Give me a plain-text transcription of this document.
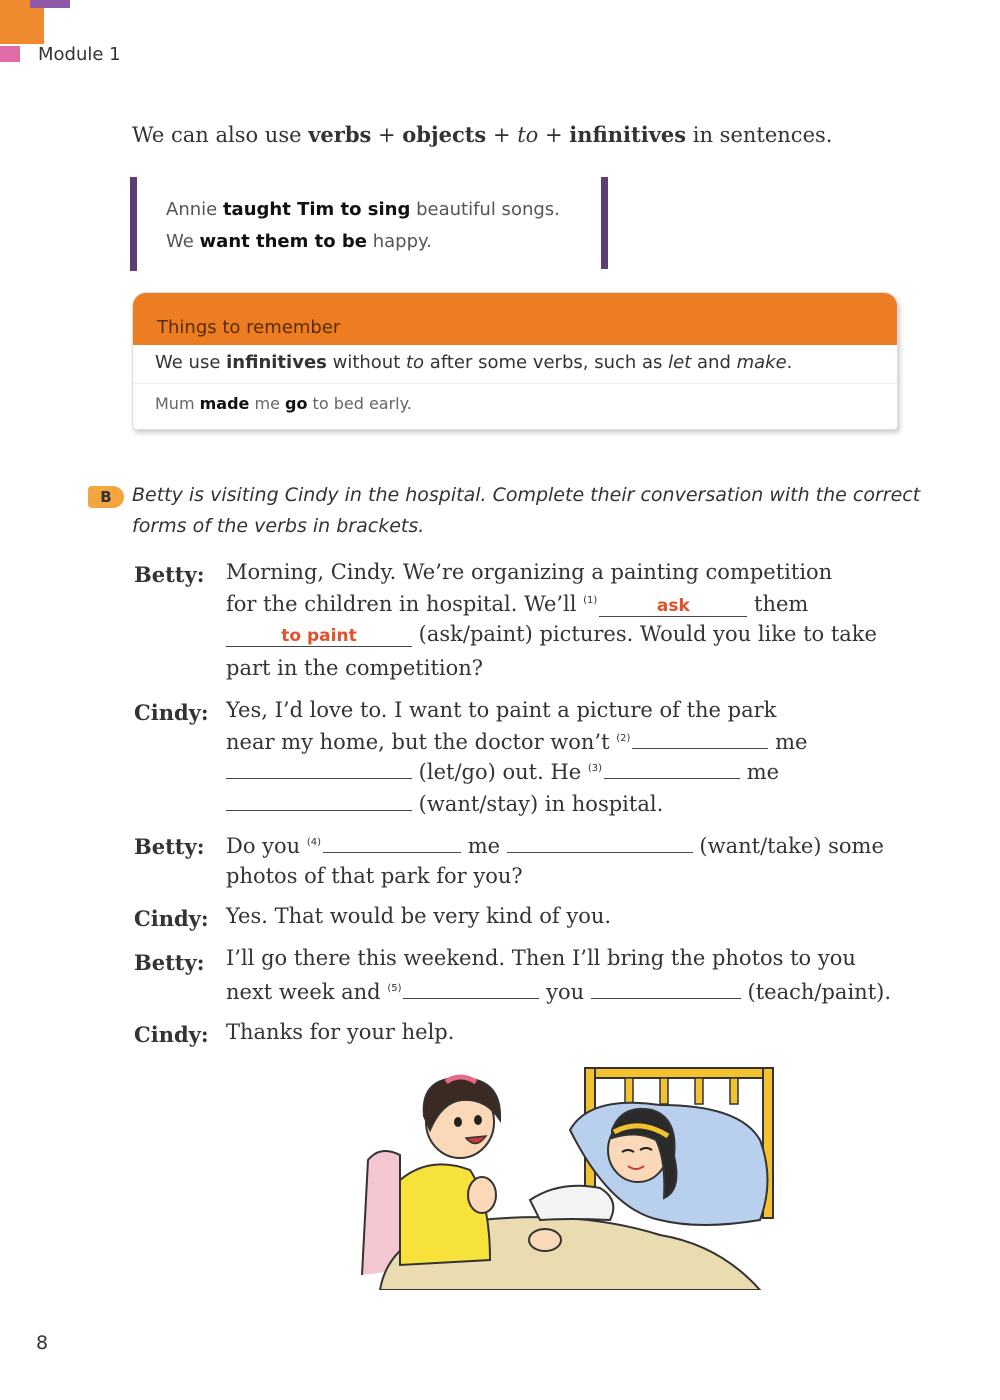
Module 1
We can also use verbs + objects + to + infinitives in sentences.
Annie taught Tim to sing beautiful songs.
We want them to be happy.
Things to remember
We use infinitives without to after some verbs, such as let and make.
Mum made me go to bed early.
B	Betty is visiting Cindy in the hospital. Complete their conversation with the correct
forms of the verbs in brackets.
Betty: Morning, Cindy. We’re organizing a painting competition
for the children in hospital. We’ll $^{(1)}$	ask	them
to paint	(ask/paint) pictures. Would you like to take
part in the competition?
Cindy: Yes, I’d love to. I want to paint a picture of the park
near my home, but the doctor won’t $^{(2)}$	me
(let/go) out. He $^{(3)}$	me
(want/stay) in hospital.
Betty: Do you $^{(4)}$	me	(want/take) some
photos of that park for you?
Cindy: Yes. That would be very kind of you.
Betty: I’ll go there this weekend. Then I’ll bring the photos to you
next week and $^{(5)}$	you	(teach/paint).
Cindy: Thanks for your help.
8
